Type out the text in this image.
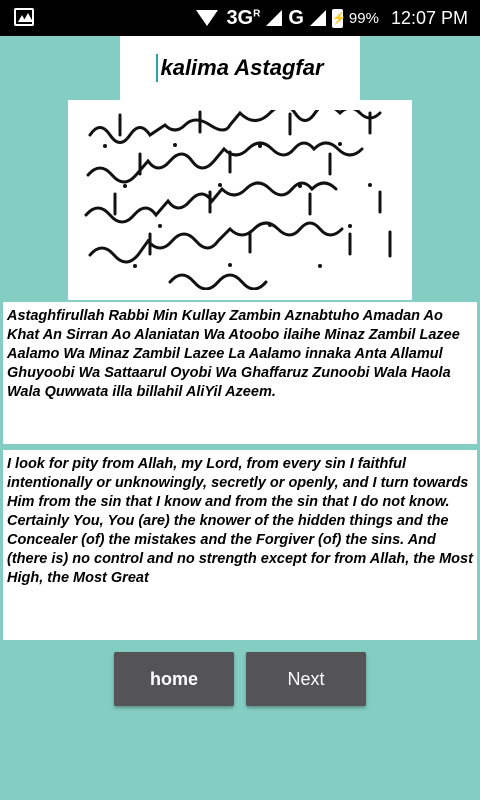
$3G^R$ G
⚡	99% 12:07 PM
kalima Astagfar
Astaghfirullah Rabbi Min Kullay Zambin Aznabtuho Amadan Ao Khat An Sirran Ao Alaniatan Wa Atoobo ilaihe Minaz Zambil Lazee Aalamo Wa Minaz Zambil Lazee La Aalamo innaka Anta Allamul Ghuyoobi Wa Sattaarul Oyobi Wa Ghaffaruz Zunoobi Wala Haola Wala Quwwata illa billahil AliYil Azeem.
I look for pity from Allah, my Lord, from every sin I faithful intentionally or unknowingly, secretly or openly, and I turn towards Him from the sin that I know and from the sin that I do not know. Certainly You, You (are) the knower of the hidden things and the Concealer (of) the mistakes and the Forgiver (of) the sins. And (there is) no control and no strength except for from Allah, the Most High, the Most Great
home	Next
